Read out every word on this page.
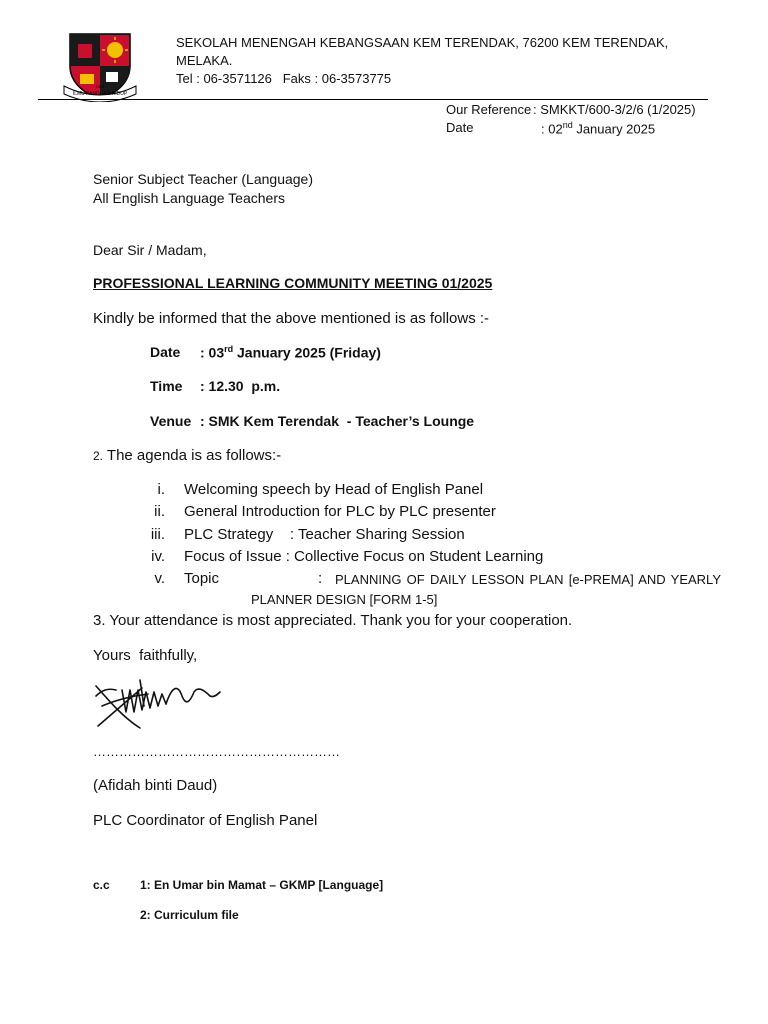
ILMU PANDUAN HIDUP
1962
SEKOLAH MENENGAH KEBANGSAAN KEM TERENDAK, 76200 KEM TERENDAK,
MELAKA.
Tel : 06-3571126   Faks : 06-3573775
Our Reference : SMKKT/600-3/2/6 (1/2025)
Date	: 02nd January 2025
Senior Subject Teacher (Language)
All English Language Teachers
Dear Sir / Madam,
PROFESSIONAL LEARNING COMMUNITY MEETING 01/2025
Kindly be informed that the above mentioned is as follows :-
Date : 03rd January 2025 (Friday)
Time : 12.30  p.m.
Venue : SMK Kem Terendak  - Teacher’s Lounge
2. The agenda is as follows:-
i. Welcoming speech by Head of English Panel
ii. General Introduction for PLC by PLC presenter
iii. PLC Strategy    : Teacher Sharing Session
iv. Focus of Issue : Collective Focus on Student Learning
v. Topic	: PLANNING OF DAILY LESSON PLAN [e-PREMA] AND YEARLY
PLANNER DESIGN [FORM 1-5]
3. Your attendance is most appreciated. Thank you for your cooperation.
Yours  faithfully,
…………………………………………………
(Afidah binti Daud)
PLC Coordinator of English Panel
c.c	1: En Umar bin Mamat – GKMP [Language]
2: Curriculum file
